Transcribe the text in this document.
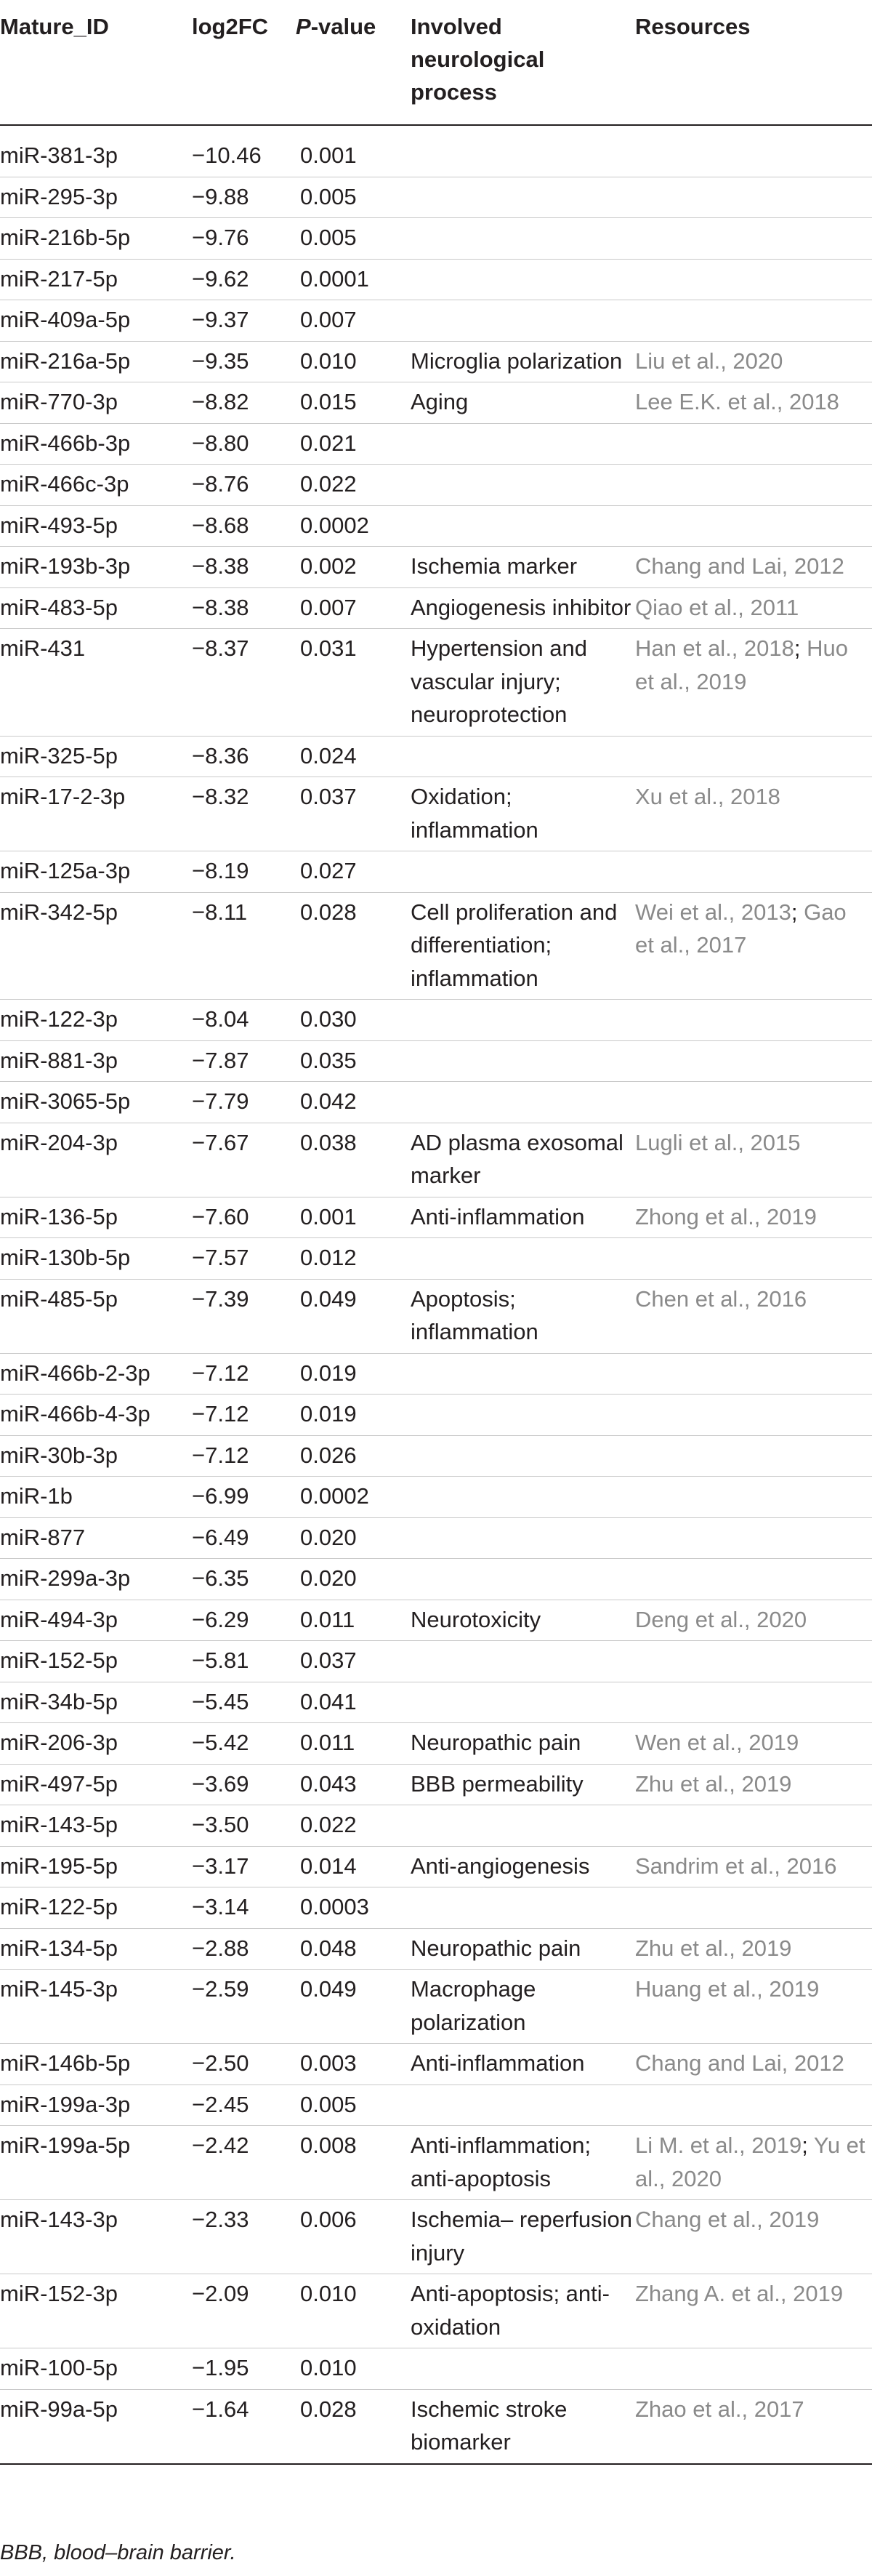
Mature_ID	log2FC	P-value	Involved neurological process	Resources
miR-381-3p	−10.46	0.001		
miR-295-3p	−9.88	0.005		
miR-216b-5p	−9.76	0.005		
miR-217-5p	−9.62	0.0001		
miR-409a-5p	−9.37	0.007		
miR-216a-5p	−9.35	0.010	Microglia polarization	Liu et al., 2020
miR-770-3p	−8.82	0.015	Aging	Lee E.K. et al., 2018
miR-466b-3p	−8.80	0.021		
miR-466c-3p	−8.76	0.022		
miR-493-5p	−8.68	0.0002		
miR-193b-3p	−8.38	0.002	Ischemia marker	Chang and Lai, 2012
miR-483-5p	−8.38	0.007	Angiogenesis inhibitor	Qiao et al., 2011
miR-431	−8.37	0.031	Hypertension and vascular injury; neuroprotection	Han et al., 2018; Huo et al., 2019
miR-325-5p	−8.36	0.024		
miR-17-2-3p	−8.32	0.037	Oxidation; inflammation	Xu et al., 2018
miR-125a-3p	−8.19	0.027		
miR-342-5p	−8.11	0.028	Cell proliferation and differentiation; inflammation	Wei et al., 2013; Gao et al., 2017
miR-122-3p	−8.04	0.030		
miR-881-3p	−7.87	0.035		
miR-3065-5p	−7.79	0.042		
miR-204-3p	−7.67	0.038	AD plasma exosomal marker	Lugli et al., 2015
miR-136-5p	−7.60	0.001	Anti-inflammation	Zhong et al., 2019
miR-130b-5p	−7.57	0.012		
miR-485-5p	−7.39	0.049	Apoptosis; inflammation	Chen et al., 2016
miR-466b-2-3p	−7.12	0.019		
miR-466b-4-3p	−7.12	0.019		
miR-30b-3p	−7.12	0.026		
miR-1b	−6.99	0.0002		
miR-877	−6.49	0.020		
miR-299a-3p	−6.35	0.020		
miR-494-3p	−6.29	0.011	Neurotoxicity	Deng et al., 2020
miR-152-5p	−5.81	0.037		
miR-34b-5p	−5.45	0.041		
miR-206-3p	−5.42	0.011	Neuropathic pain	Wen et al., 2019
miR-497-5p	−3.69	0.043	BBB permeability	Zhu et al., 2019
miR-143-5p	−3.50	0.022		
miR-195-5p	−3.17	0.014	Anti-angiogenesis	Sandrim et al., 2016
miR-122-5p	−3.14	0.0003		
miR-134-5p	−2.88	0.048	Neuropathic pain	Zhu et al., 2019
miR-145-3p	−2.59	0.049	Macrophage polarization	Huang et al., 2019
miR-146b-5p	−2.50	0.003	Anti-inflammation	Chang and Lai, 2012
miR-199a-3p	−2.45	0.005		
miR-199a-5p	−2.42	0.008	Anti-inflammation; anti-apoptosis	Li M. et al., 2019; Yu et al., 2020
miR-143-3p	−2.33	0.006	Ischemia– reperfusion injury	Chang et al., 2019
miR-152-3p	−2.09	0.010	Anti-apoptosis; anti-oxidation	Zhang A. et al., 2019
miR-100-5p	−1.95	0.010		
miR-99a-5p	−1.64	0.028	Ischemic stroke biomarker	Zhao et al., 2017
BBB, blood–brain barrier.
